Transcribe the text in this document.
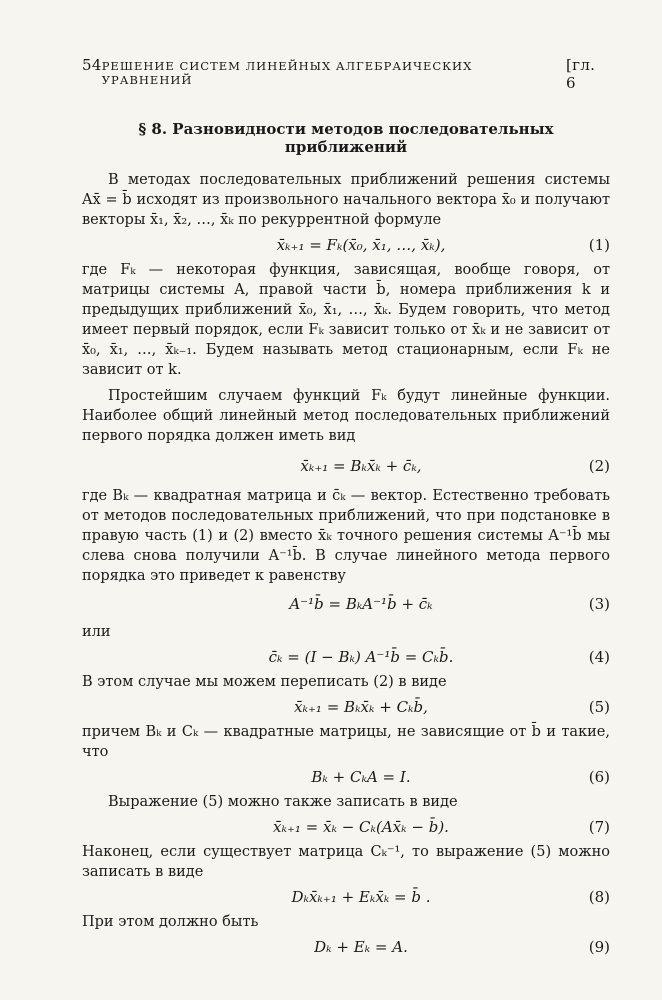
54 РЕШЕНИЕ СИСТЕМ ЛИНЕЙНЫХ АЛГЕБРАИЧЕСКИХ УРАВНЕНИЙ
[гл. 6
§ 8. Разновидности методов последовательных приближений

В методах последовательных приближений решения системы Ax̄ = b̄ исходят из произвольного начального вектора x̄₀ и получают векторы x̄₁, x̄₂, …, x̄ₖ по рекуррентной формуле

x̄ₖ₊₁ = Fₖ(x̄₀, x̄₁, …, x̄ₖ),	(1)

где Fₖ — некоторая функция, зависящая, вообще говоря, от матрицы системы A, правой части b̄, номера приближения k и предыдущих приближений x̄₀, x̄₁, …, x̄ₖ. Будем говорить, что метод имеет первый порядок, если Fₖ зависит только от x̄ₖ и не зависит от x̄₀, x̄₁, …, x̄ₖ₋₁. Будем называть метод стационарным, если Fₖ не зависит от k.

Простейшим случаем функций Fₖ будут линейные функции. Наиболее общий линейный метод последовательных приближений первого порядка должен иметь вид

x̄ₖ₊₁ = Bₖx̄ₖ + c̄ₖ,	(2)

где Bₖ — квадратная матрица и c̄ₖ — вектор. Естественно требовать от методов последовательных приближений, что при подстановке в правую часть (1) и (2) вместо x̄ₖ точного решения системы A⁻¹b̄ мы слева снова получили A⁻¹b̄. В случае линейного метода первого порядка это приведет к равенству

A⁻¹b̄ = BₖA⁻¹b̄ + c̄ₖ	(3)

или

c̄ₖ = (I − Bₖ) A⁻¹b̄ = Cₖb̄.	(4)

В этом случае мы можем переписать (2) в виде

x̄ₖ₊₁ = Bₖx̄ₖ + Cₖb̄,	(5)

причем Bₖ и Cₖ — квадратные матрицы, не зависящие от b̄ и такие, что

Bₖ + CₖA = I.	(6)

Выражение (5) можно также записать в виде

x̄ₖ₊₁ = x̄ₖ − Cₖ(Ax̄ₖ − b̄).	(7)

Наконец, если существует матрица Cₖ⁻¹, то выражение (5) можно записать в виде

Dₖx̄ₖ₊₁ + Eₖx̄ₖ = b̄ .	(8)

При этом должно быть

Dₖ + Eₖ = A.	(9)
